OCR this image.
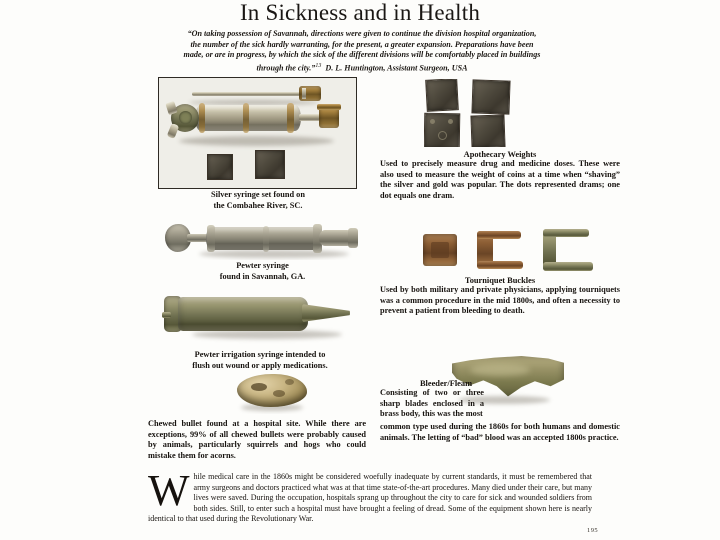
In Sickness and in Health
“On taking possession of Savannah, directions were given to continue the division hospital organization, the number of the sick hardly warranting, for the present, a greater expansion. Preparations have been made, or are in progress, by which the sick of the different divisions will be comfortably placed in buildings through the city.”$^{13}$ D. L. Huntington, Assistant Surgeon, USA
Silver syringe set found on
the Combahee River, SC.
Apothecary Weights
Used to precisely measure drug and medicine doses. These were also used to measure the weight of coins at a time when “shaving” the silver and gold was popular. The dots represented drams; one dot equals one dram.
Pewter syringe
found in Savannah, GA.	Tourniquet Buckles
Used by both military and private physicians, applying tourniquets was a common procedure in the mid 1800s, and often a necessity to prevent a patient from bleeding to death.
Pewter irrigation syringe intended to
flush out wound or apply medications.
Chewed bullet found at a hospital site. While there are exceptions, 99% of all chewed bullets were probably caused by animals, particularly squirrels and hogs who could mistake them for acorns.
Bleeder/Fleam
Consisting of two or three sharp blades enclosed in a brass body, this was the most
common type used during the 1860s for both humans and domestic animals. The letting of “bad” blood was an accepted 1800s practice.
While medical care in the 1860s might be considered woefully inadequate by current standards, it must be remembered that army surgeons and doctors practiced what was at that time state-of-the-art procedures. Many died under their care, but many lives were saved. During the occupation, hospitals sprang up throughout the city to care for sick and wounded soldiers from both sides. Still, to enter such a hospital must have brought a feeling of dread. Some of the equipment shown here is nearly identical to that used during the Revolutionary War.
195
